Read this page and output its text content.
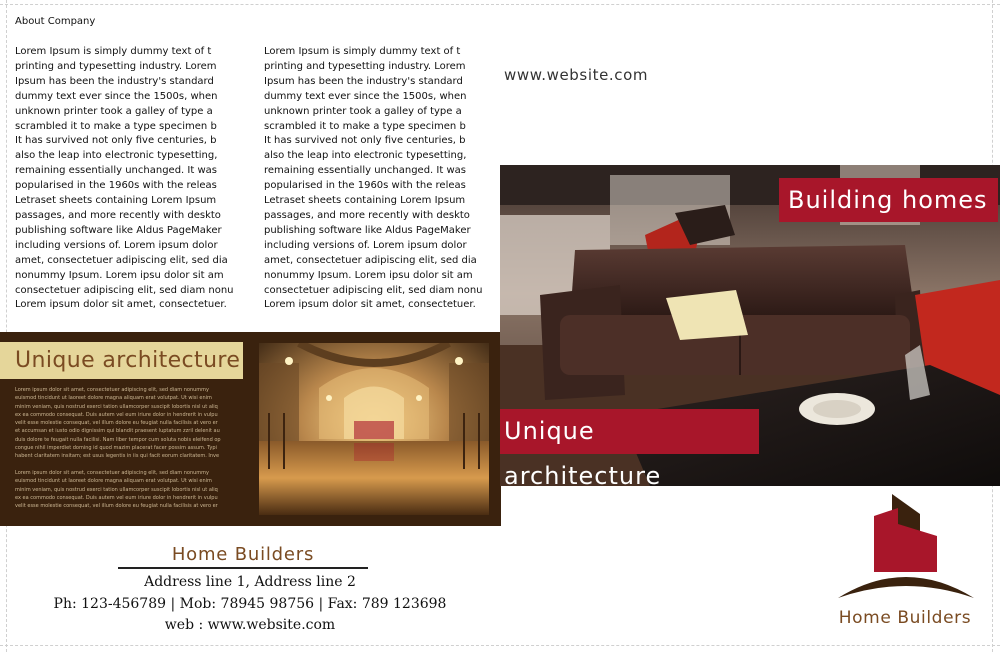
About Company
Lorem Ipsum is simply dummy text of t
printing and typesetting industry. Lorem
Ipsum has been the industry's standard
dummy text ever since the 1500s, when
unknown printer took a galley of type a
scrambled it to make a type specimen b
It has survived not only five centuries, b
also the leap into electronic typesetting,
remaining essentially unchanged. It was
popularised in the 1960s with the releas
Letraset sheets containing Lorem Ipsum
passages, and more recently with deskto
publishing software like Aldus PageMaker
including versions of. Lorem ipsum dolor
amet, consectetuer adipiscing elit, sed dia
nonummy Ipsum. Lorem ipsu dolor sit am
consectetuer adipiscing elit, sed diam nonu
Lorem ipsum dolor sit amet, consectetuer.
Lorem Ipsum is simply dummy text of t
printing and typesetting industry. Lorem
Ipsum has been the industry's standard
dummy text ever since the 1500s, when
unknown printer took a galley of type a
scrambled it to make a type specimen b
It has survived not only five centuries, b
also the leap into electronic typesetting,
remaining essentially unchanged. It was
popularised in the 1960s with the releas
Letraset sheets containing Lorem Ipsum
passages, and more recently with deskto
publishing software like Aldus PageMaker
including versions of. Lorem ipsum dolor
amet, consectetuer adipiscing elit, sed dia
nonummy Ipsum. Lorem ipsu dolor sit am
consectetuer adipiscing elit, sed diam nonu
Lorem ipsum dolor sit amet, consectetuer.
www.website.com
Unique architecture
Lorem ipsum dolor sit amet, consectetuer adipiscing elit, sed diam nonummy
euismod tincidunt ut laoreet dolore magna aliquam erat volutpat. Ut wisi enim
minim veniam, quis nostrud exerci tation ullamcorper suscipit lobortis nisl ut aliq
ex ea commodo consequat. Duis autem vel eum iriure dolor in hendrerit in vulpu
velit esse molestie consequat, vel illum dolore eu feugiat nulla facilisis at vero er
et accumsan et iusto odio dignissim qui blandit praesent luptatum zzril delenit au
duis dolore te feugait nulla facilisi. Nam liber tempor cum soluta nobis eleifend op
congue nihil imperdiet doming id quod mazim placerat facer possim assum. Typi
habent claritatem insitam; est usus legentis in iis qui facit eorum claritatem. Inve
Lorem ipsum dolor sit amet, consectetuer adipiscing elit, sed diam nonummy
euismod tincidunt ut laoreet dolore magna aliquam erat volutpat. Ut wisi enim
minim veniam, quis nostrud exerci tation ullamcorper suscipit lobortis nisl ut aliq
ex ea commodo consequat. Duis autem vel eum iriure dolor in hendrerit in vulpu
velit esse molestie consequat, vel illum dolore eu feugiat nulla facilisis at vero er
Building homes
Unique architecture
Home Builders
Address line 1, Address line 2
Ph: 123-456789 | Mob: 78945 98756 | Fax: 789 123698
web : www.website.com	Home Builders
